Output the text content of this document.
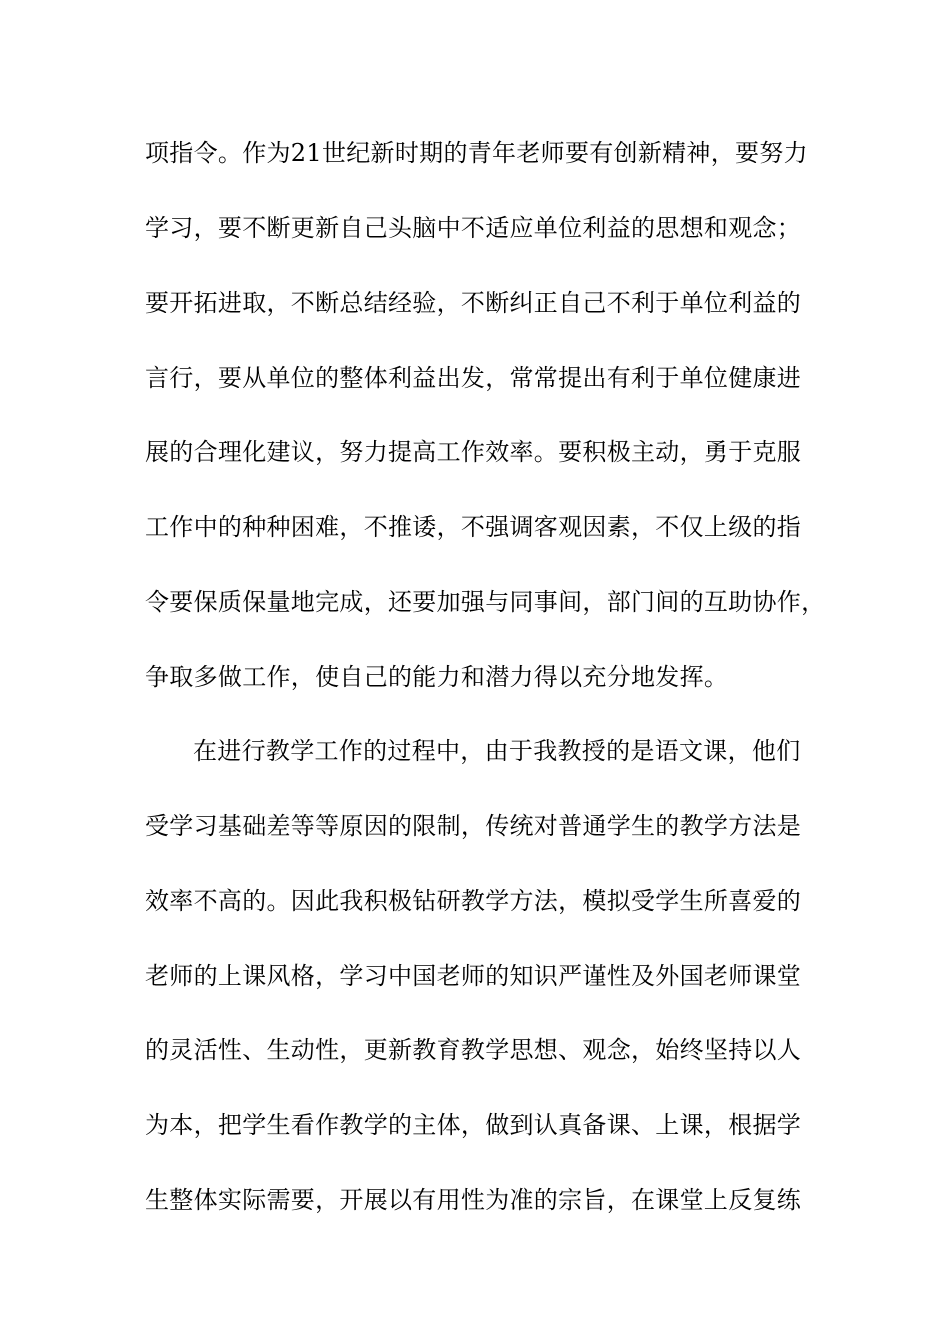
项指令。作为21世纪新时期的青年老师要有创新精神，要努力

学习，要不断更新自己头脑中不适应单位利益的思想和观念；

要开拓进取，不断总结经验，不断纠正自己不利于单位利益的

言行，要从单位的整体利益出发，常常提出有利于单位健康进

展的合理化建议，努力提高工作效率。要积极主动，勇于克服

工作中的种种困难，不推诿，不强调客观因素，不仅上级的指

令要保质保量地完成，还要加强与同事间，部门间的互助协作，

争取多做工作，使自己的能力和潜力得以充分地发挥。

在进行教学工作的过程中，由于我教授的是语文课，他们

受学习基础差等等原因的限制，传统对普通学生的教学方法是

效率不高的。因此我积极钻研教学方法，模拟受学生所喜爱的

老师的上课风格，学习中国老师的知识严谨性及外国老师课堂

的灵活性、生动性，更新教育教学思想、观念，始终坚持以人

为本，把学生看作教学的主体，做到认真备课、上课，根据学

生整体实际需要，开展以有用性为准的宗旨，在课堂上反复练
